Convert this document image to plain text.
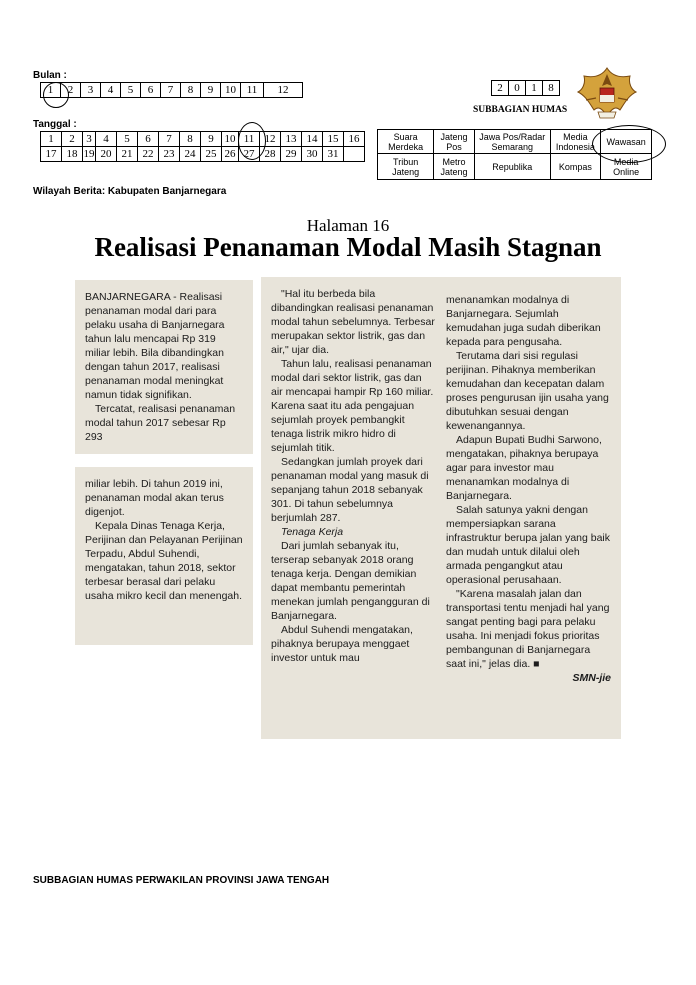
Bulan :
1	2	3	4	5	6	7	8	9	10	11	12
Tanggal :
1	2	3	4	5	6	7	8	9	10	11	12	13	14	15	16
17	18	19	20	21	22	23	24	25	26	27	28	29	30	31	
2	0	1	8
SUBBAGIAN HUMAS
Suara Merdeka	Jateng Pos	Jawa Pos/Radar Semarang	Media Indonesia	Wawasan
Tribun Jateng	Metro Jateng	Republika	Kompas	Media Online
Wilayah Berita: Kabupaten Banjarnegara
Halaman 16
Realisasi Penanaman Modal Masih Stagnan

BANJARNEGARA - Realisasi penanaman modal dari para pelaku usaha di Banjarnegara tahun lalu mencapai Rp 319 miliar lebih. Bila dibandingkan dengan tahun 2017, realisasi penanaman modal meningkat namun tidak signifikan.

Tercatat, realisasi penanaman modal tahun 2017 sebesar Rp 293

miliar lebih. Di tahun 2019 ini, penanaman modal akan terus digenjot.

Kepala Dinas Tenaga Kerja, Perijinan dan Pelayanan Perijinan Terpadu, Abdul Suhendi, mengatakan, tahun 2018, sektor terbesar berasal dari pelaku usaha mikro kecil dan menengah.

"Hal itu berbeda bila dibandingkan realisasi penanaman modal tahun sebelumnya. Terbesar merupakan sektor listrik, gas dan air," ujar dia.

Tahun lalu, realisasi penanaman modal dari sektor listrik, gas dan air mencapai hampir Rp 160 miliar. Karena saat itu ada pengajuan sejumlah proyek pembangkit tenaga listrik mikro hidro di sejumlah titik.

Sedangkan jumlah proyek dari penanaman modal yang masuk di sepanjang tahun 2018 sebanyak 301. Di tahun sebelumnya berjumlah 287.

Tenaga Kerja

Dari jumlah sebanyak itu, terserap sebanyak 2018 orang tenaga kerja. Dengan demikian dapat membantu pemerintah menekan jumlah pengangguran di Banjarnegara.

Abdul Suhendi mengatakan, pihaknya berupaya menggaet investor untuk mau

menanamkan modalnya di Banjarnegara. Sejumlah kemudahan juga sudah diberikan kepada para pengusaha.

Terutama dari sisi regulasi perijinan. Pihaknya memberikan kemudahan dan kecepatan dalam proses pengurusan ijin usaha yang dibutuhkan sesuai dengan kewenangannya.

Adapun Bupati Budhi Sarwono, mengatakan, pihaknya berupaya agar para investor mau menanamkan modalnya di Banjarnegara.

Salah satunya yakni dengan mempersiapkan sarana infrastruktur berupa jalan yang baik dan mudah untuk dilalui oleh armada pengangkut atau operasional perusahaan.

"Karena masalah jalan dan transportasi tentu menjadi hal yang sangat penting bagi para pelaku usaha. Ini menjadi fokus prioritas pembangunan di Banjarnegara saat ini," jelas dia. ■

SMN-jie

SUBBAGIAN HUMAS PERWAKILAN PROVINSI JAWA TENGAH
